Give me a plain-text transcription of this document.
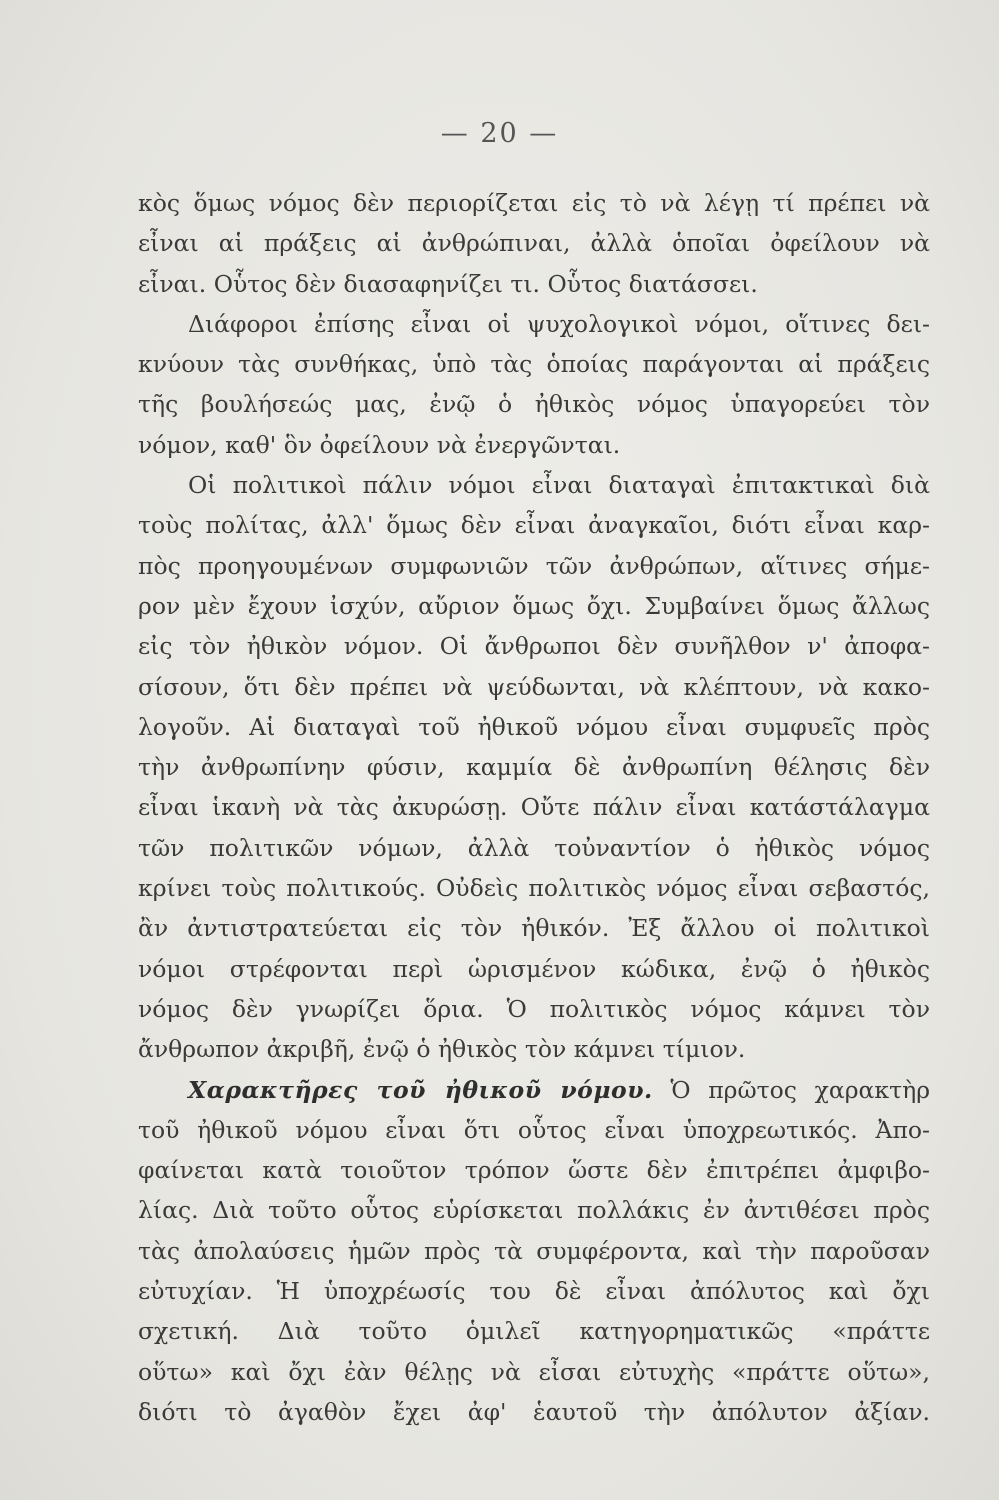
— 20 —
κὸς ὅμως νόμος δὲν περιορίζεται εἰς τὸ νὰ λέγῃ τί πρέπει νὰ
εἶναι αἱ πράξεις αἱ ἀνθρώπιναι, ἀλλὰ ὁποῖαι ὀφείλουν νὰ
εἶναι. Οὗτος δὲν διασαφηνίζει τι. Οὗτος διατάσσει.
Διάφοροι ἐπίσης εἶναι οἱ ψυχολογικοὶ νόμοι, οἵτινες δει-
κνύουν τὰς συνθήκας, ὑπὸ τὰς ὁποίας παράγονται αἱ πράξεις
τῆς βουλήσεώς μας, ἐνῷ ὁ ἠθικὸς νόμος ὑπαγορεύει τὸν
νόμον, καθ' ὃν ὀφείλουν νὰ ἐνεργῶνται.
Οἱ πολιτικοὶ πάλιν νόμοι εἶναι διαταγαὶ ἐπιτακτικαὶ διὰ
τοὺς πολίτας, ἀλλ' ὅμως δὲν εἶναι ἀναγκαῖοι, διότι εἶναι καρ-
πὸς προηγουμένων συμφωνιῶν τῶν ἀνθρώπων, αἵτινες σήμε-
ρον μὲν ἔχουν ἰσχύν, αὔριον ὅμως ὄχι. Συμβαίνει ὅμως ἄλλως
εἰς τὸν ἠθικὸν νόμον. Οἱ ἄνθρωποι δὲν συνῆλθον ν' ἀποφα-
σίσουν, ὅτι δὲν πρέπει νὰ ψεύδωνται, νὰ κλέπτουν, νὰ κακο-
λογοῦν. Αἱ διαταγαὶ τοῦ ἠθικοῦ νόμου εἶναι συμφυεῖς πρὸς
τὴν ἀνθρωπίνην φύσιν, καμμία δὲ ἀνθρωπίνη θέλησις δὲν
εἶναι ἱκανὴ νὰ τὰς ἀκυρώσῃ. Οὔτε πάλιν εἶναι κατάστάλαγμα
τῶν πολιτικῶν νόμων, ἀλλὰ τοὐναντίον ὁ ἠθικὸς νόμος
κρίνει τοὺς πολιτικούς. Οὐδεὶς πολιτικὸς νόμος εἶναι σεβαστός,
ἂν ἀντιστρατεύεται εἰς τὸν ἠθικόν. Ἐξ ἄλλου οἱ πολιτικοὶ
νόμοι στρέφονται περὶ ὡρισμένον κώδικα, ἐνῷ ὁ ἠθικὸς
νόμος δὲν γνωρίζει ὅρια. Ὁ πολιτικὸς νόμος κάμνει τὸν
ἄνθρωπον ἀκριβῆ, ἐνῷ ὁ ἠθικὸς τὸν κάμνει τίμιον.
Χαρακτῆρες τοῦ ἠθικοῦ νόμου. Ὁ πρῶτος χαρακτὴρ
τοῦ ἠθικοῦ νόμου εἶναι ὅτι οὗτος εἶναι ὑποχρεωτικός. Ἀπο-
φαίνεται κατὰ τοιοῦτον τρόπον ὥστε δὲν ἐπιτρέπει ἀμφιβο-
λίας. Διὰ τοῦτο οὗτος εὑρίσκεται πολλάκις ἐν ἀντιθέσει πρὸς
τὰς ἀπολαύσεις ἡμῶν πρὸς τὰ συμφέροντα, καὶ τὴν παροῦσαν
εὐτυχίαν. Ἡ ὑποχρέωσίς του δὲ εἶναι ἀπόλυτος καὶ ὄχι
σχετική. Διὰ τοῦτο ὁμιλεῖ κατηγορηματικῶς «πράττε
οὕτω» καὶ ὄχι ἐὰν θέλῃς νὰ εἶσαι εὐτυχὴς «πράττε οὕτω»,
διότι τὸ ἀγαθὸν ἔχει ἀφ' ἑαυτοῦ τὴν ἀπόλυτον ἀξίαν.
